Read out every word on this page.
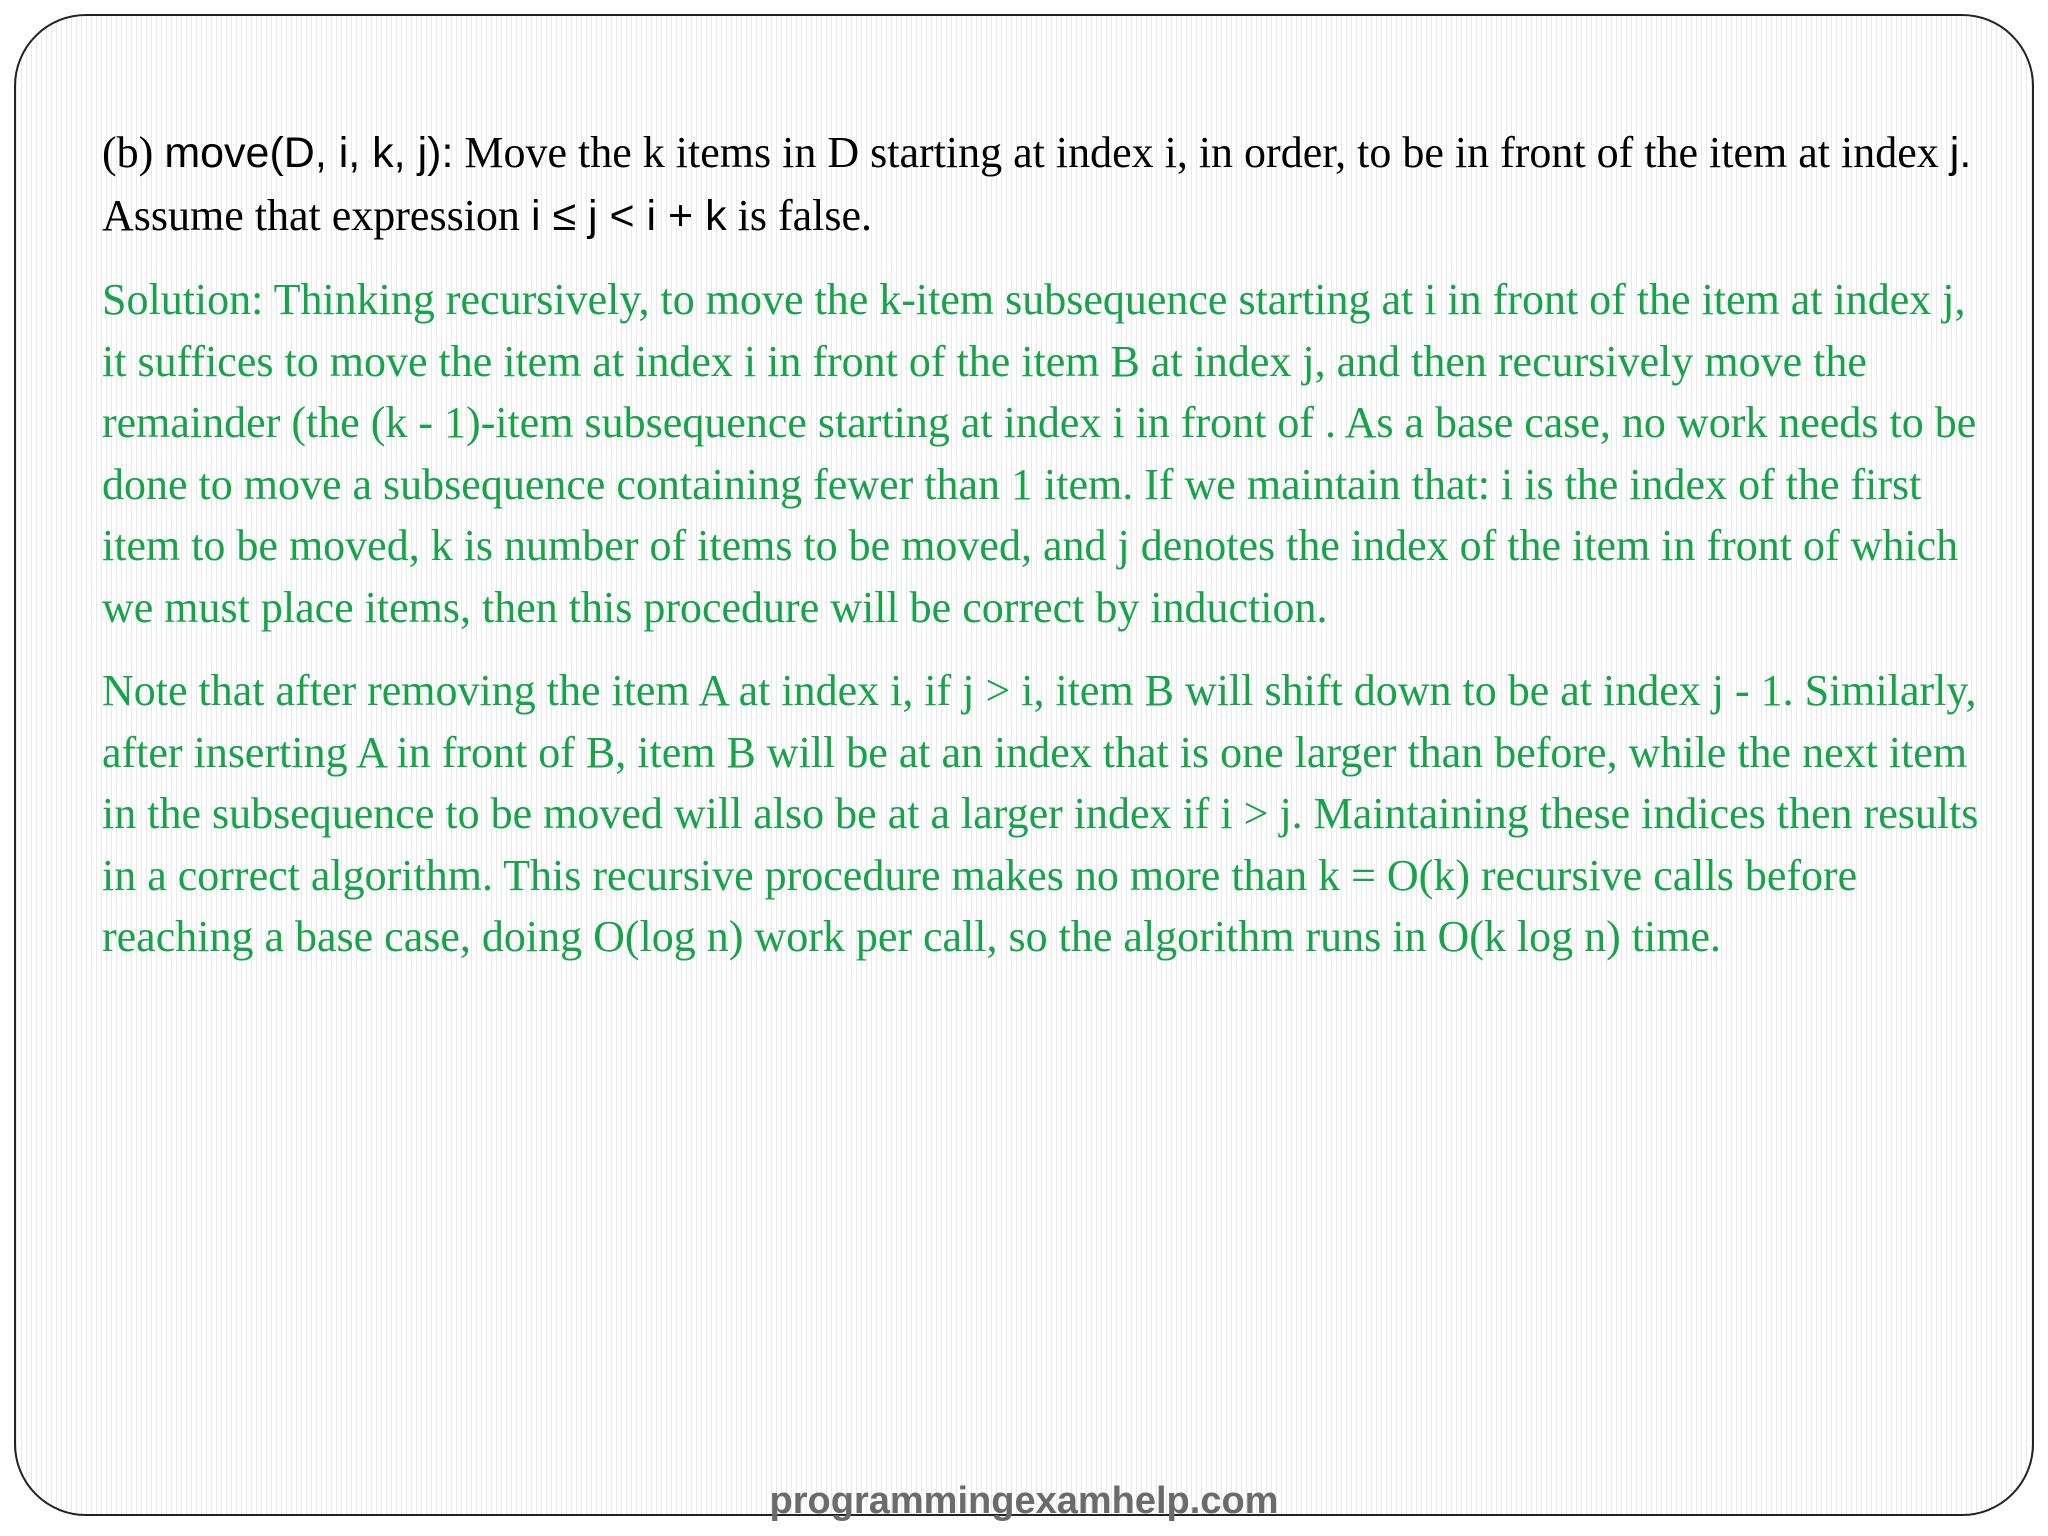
(b) move(D, i, k, j): Move the k items in D starting at index i, in order, to be in front of the item at index j. Assume that expression i ≤ j < i + k is false.

Solution: Thinking recursively, to move the k-item subsequence starting at i in front of the item at index j, it suffices to move the item at index i in front of the item B at index j, and then recursively move the remainder (the (k - 1)-item subsequence starting at index i in front of . As a base case, no work needs to be done to move a subsequence containing fewer than 1 item. If we maintain that: i is the index of the first item to be moved, k is number of items to be moved, and j denotes the index of the item in front of which we must place items, then this procedure will be correct by induction.

Note that after removing the item A at index i, if j > i, item B will shift down to be at index j - 1. Similarly, after inserting A in front of B, item B will be at an index that is one larger than before, while the next item in the subsequence to be moved will also be at a larger index if i > j. Maintaining these indices then results in a correct algorithm. This recursive procedure makes no more than k = O(k) recursive calls before reaching a base case, doing O(log n) work per call, so the algorithm runs in O(k log n) time.

programmingexamhelp.com
